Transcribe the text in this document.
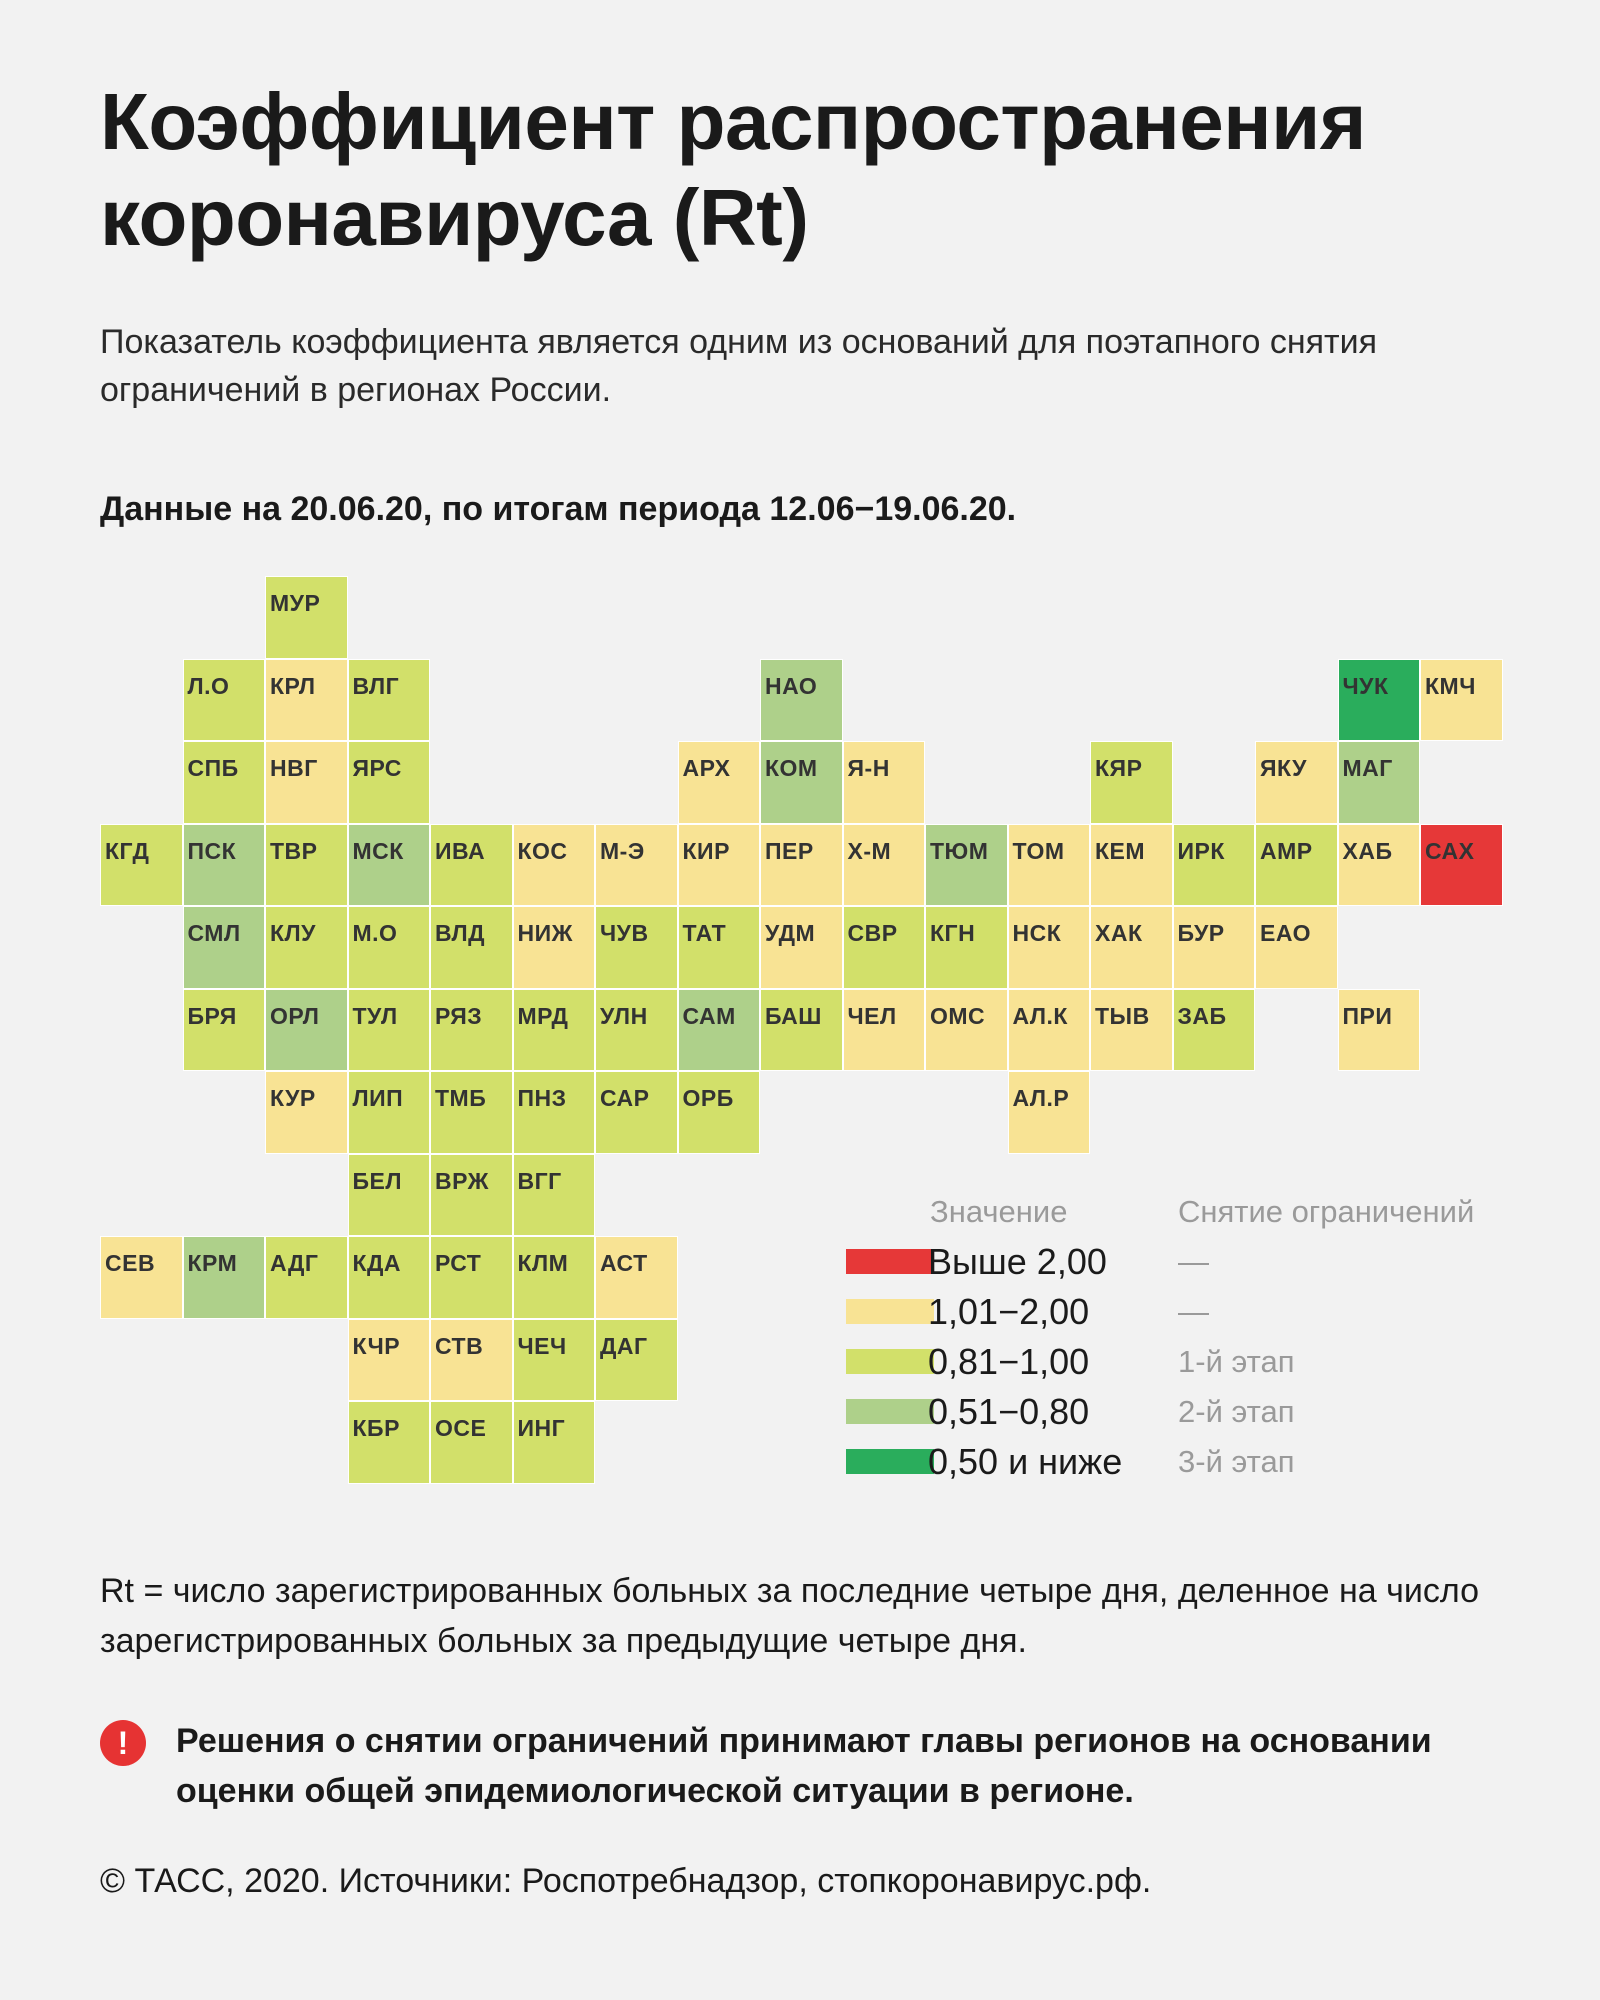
Коэффициент распространения коронавируса (Rt)

Показатель коэффициента является одним из оснований для поэтапного снятия ограничений в регионах России.

Данные на 20.06.20, по итогам периода 12.06−19.06.20.

МУР
Л.О	КРЛ	ВЛГ	НАО	ЧУК	КМЧ
СПБ	НВГ	ЯРС	АРХ	КОМ	Я-Н	КЯР	ЯКУ	МАГ
КГД	ПСК	ТВР	МСК	ИВА	КОС	М-Э	КИР	ПЕР	Х-М	ТЮМ	ТОМ	КЕМ	ИРК	АМР	ХАБ	САХ
СМЛ	КЛУ	М.О	ВЛД	НИЖ	ЧУВ	ТАТ	УДМ	СВР	КГН	НСК	ХАК	БУР	ЕАО
БРЯ	ОРЛ	ТУЛ	РЯЗ	МРД	УЛН	САМ	БАШ	ЧЕЛ	ОМС	АЛ.К	ТЫВ	ЗАБ	ПРИ
КУР	ЛИП	ТМБ	ПНЗ	САР	ОРБ	АЛ.Р
БЕЛ	ВРЖ	ВГГ
СЕВ	КРМ	АДГ	КДА	РСТ	КЛМ	АСТ
КЧР	СТВ	ЧЕЧ	ДАГ
КБР	ОСЕ	ИНГ
Значение	Снятие ограничений
Выше 2,00 —
1,01−2,00	—
0,81−1,00	1-й этап
0,51−0,80	2-й этап
0,50 и ниже 3-й этап

Rt = число зарегистрированных больных за последние четыре дня, деленное на число зарегистрированных больных за предыдущие четыре дня.

!	Решения о снятии ограничений принимают главы регионов на основании оценки общей эпидемиологической ситуации в регионе.

© ТАСС, 2020. Источники: Роспотребнадзор, стопкоронавирус.рф.
